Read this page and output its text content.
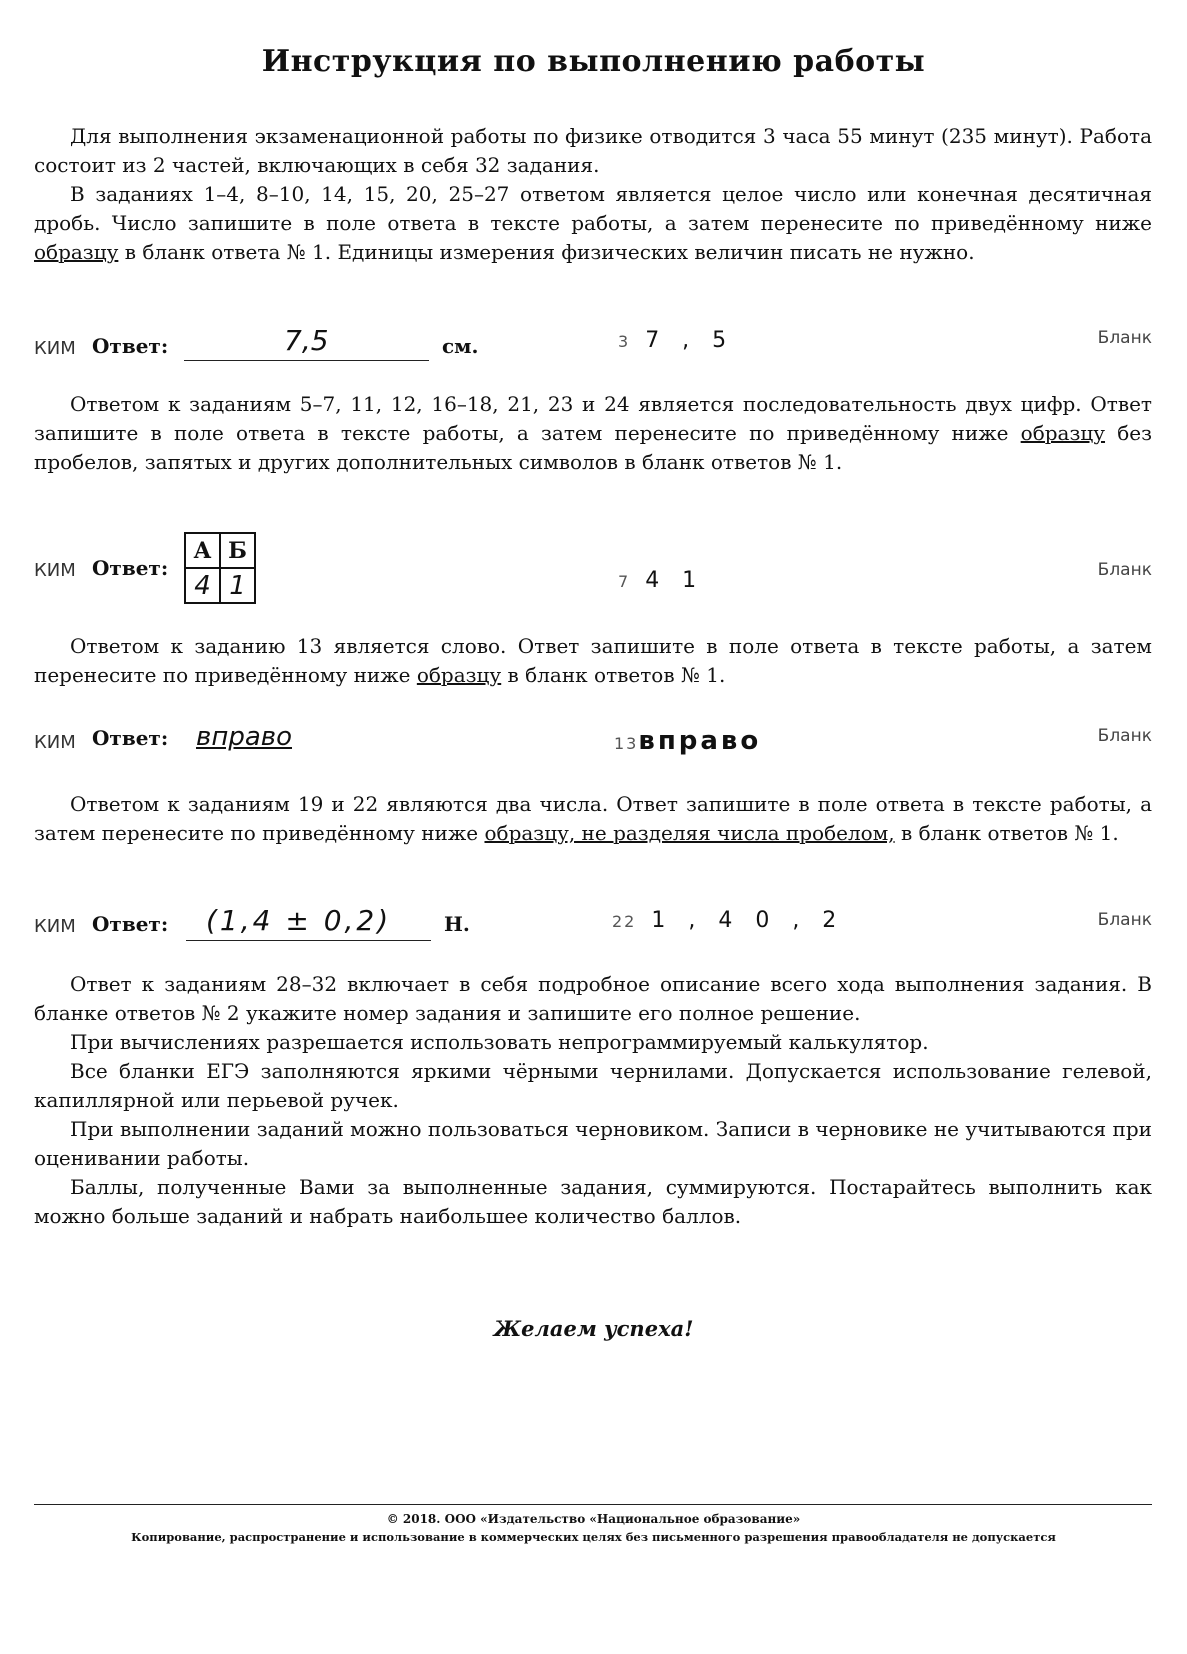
Инструкция по выполнению работы

Для выполнения экзаменационной работы по физике отводится 3 часа 55 минут (235 минут). Работа состоит из 2 частей, включающих в себя 32 задания.

В заданиях 1–4, 8–10, 14, 15, 20, 25–27 ответом является целое число или конечная десятичная дробь. Число запишите в поле ответа в тексте работы, а затем перенесите по приведённому ниже образцу в бланк ответа № 1. Единицы измерения физических величин писать не нужно.

КИМ Ответ:	7,5	см.	3 7 , 5	Бланк

Ответом к заданиям 5–7, 11, 12, 16–18, 21, 23 и 24 является последовательность двух цифр. Ответ запишите в поле ответа в тексте работы, а затем перенесите по приведённому ниже образцу без пробелов, запятых и других дополнительных символов в бланк ответов № 1.

КИМ Ответ:
А	Б
4	1	7 4 1	Бланк

Ответом к заданию 13 является слово. Ответ запишите в поле ответа в тексте работы, а затем перенесите по приведённому ниже образцу в бланк ответов № 1.

КИМ Ответ: вправо	13вправо	Бланк

Ответом к заданиям 19 и 22 являются два числа. Ответ запишите в поле ответа в тексте работы, а затем перенесите по приведённому ниже образцу, не разделяя числа пробелом, в бланк ответов № 1.

КИМ Ответ: (1,4 ± 0,2)	Н.	22 1 , 4 0 , 2	Бланк

Ответ к заданиям 28–32 включает в себя подробное описание всего хода выполнения задания. В бланке ответов № 2 укажите номер задания и запишите его полное решение.

При вычислениях разрешается использовать непрограммируемый калькулятор.

Все бланки ЕГЭ заполняются яркими чёрными чернилами. Допускается использование гелевой, капиллярной или перьевой ручек.

При выполнении заданий можно пользоваться черновиком. Записи в черновике не учитываются при оценивании работы.

Баллы, полученные Вами за выполненные задания, суммируются. Постарайтесь выполнить как можно больше заданий и набрать наибольшее количество баллов.

Желаем успеха!
© 2018. ООО «Издательство «Национальное образование»
Копирование, распространение и использование в коммерческих целях без письменного разрешения правообладателя не допускается
